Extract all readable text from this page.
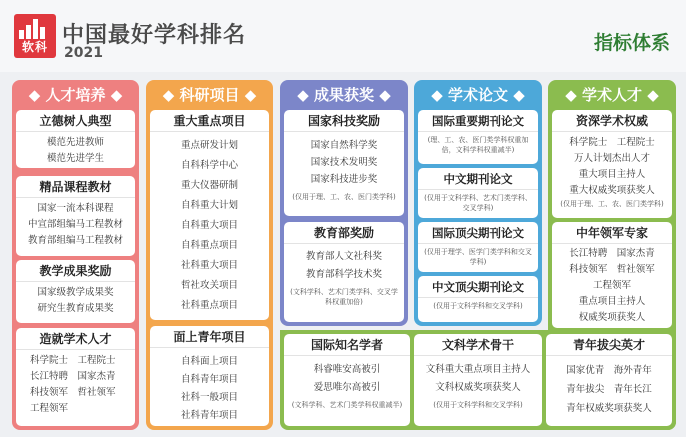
软科 中国最好学科排名
2021	指标体系
◆ 人才培养 ◆
立德树人典型
模范先进教师
模范先进学生
精品课程教材
国家一流本科课程
中宣部组编马工程教材
教育部组编马工程教材
教学成果奖励
国家级教学成果奖
研究生教育成果奖
造就学术人才
科学院士　工程院士
长江特聘　国家杰青
科技领军　哲社领军
工程领军
◆ 科研项目 ◆
重大重点项目
重点研发计划
自科科学中心
重大仪器研制
自科重大计划
自科重大项目
自科重点项目
社科重大项目
哲社攻关项目
社科重点项目
面上青年项目
自科面上项目
自科青年项目
社科一般项目
社科青年项目
◆ 成果获奖 ◆
国家科技奖励
国家自然科学奖
国家技术发明奖
国家科技进步奖
(仅用于理、工、农、医门类学科)
教育部奖励
教育部人文社科奖
教育部科学技术奖
(文科学科、艺术门类学科、交叉学科权重加倍)
◆ 学术论文 ◆
国际重要期刊论文
(理、工、农、医门类学科权重加倍，文科学科权重减半)
中文期刊论文
(仅用于文科学科、艺术门类学科、交叉学科)
国际顶尖期刊论文
(仅用于理学、医学门类学科和交叉学科)
中文顶尖期刊论文
(仅用于文科学科和交叉学科)
◆ 学术人才 ◆
资深学术权威
科学院士　工程院士
万人计划杰出人才
重大项目主持人
重大权威奖项获奖人
(仅用于理、工、农、医门类学科)
中年领军专家
长江特聘　国家杰青
科技领军　哲社领军
工程领军
重点项目主持人
权威奖项获奖人
国际知名学者
科睿唯安高被引
爱思唯尔高被引
(文科学科、艺术门类学科权重减半)
文科学术骨干
文科重大重点项目主持人
文科权威奖项获奖人
(仅用于文科学科和交叉学科)
青年拔尖英才
国家优青　海外青年
青年拔尖　青年长江
青年权威奖项获奖人
